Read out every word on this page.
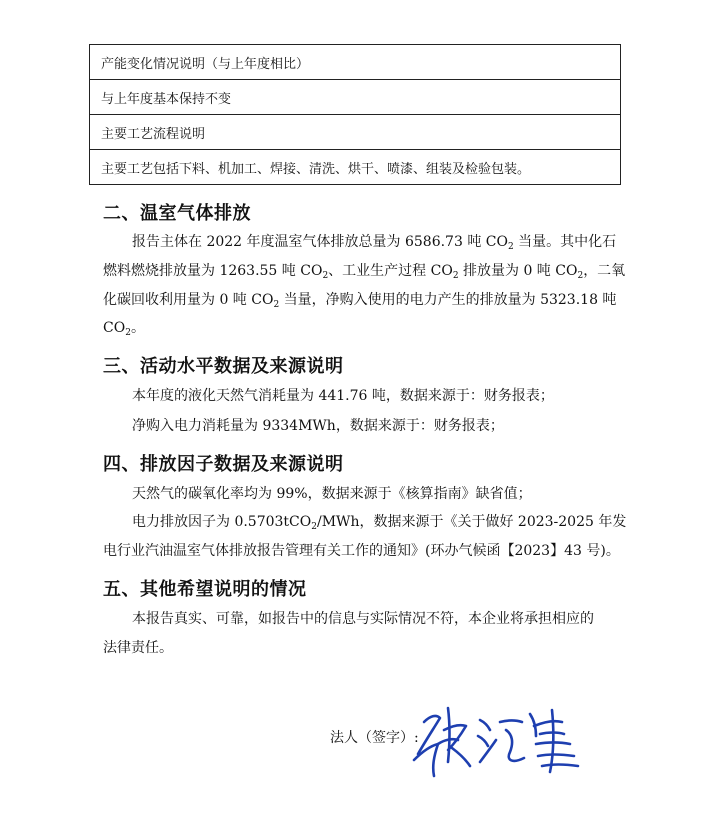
产能变化情况说明（与上年度相比）
与上年度基本保持不变
主要工艺流程说明
主要工艺包括下料、机加工、焊接、清洗、烘干、喷漆、组装及检验包装。
二、温室气体排放
报告主体在 2022 年度温室气体排放总量为 6586.73 吨 $CO_2$ 当量。其中化石
燃料燃烧排放量为 1263.55 吨 $CO_2$、工业生产过程 $CO_2$ 排放量为 0 吨 $CO_2$，二氧
化碳回收利用量为 0 吨 $CO_2$ 当量，净购入使用的电力产生的排放量为 5323.18 吨
$CO_2$。
三、活动水平数据及来源说明
本年度的液化天然气消耗量为 441.76 吨，数据来源于：财务报表；
净购入电力消耗量为 9334MWh，数据来源于：财务报表；
四、排放因子数据及来源说明
天然气的碳氧化率均为 99%，数据来源于《核算指南》缺省值；
电力排放因子为 0.5703tCO$_2$/MWh，数据来源于《关于做好 2023-2025 年发
电行业汽油温室气体排放报告管理有关工作的通知》(环办气候函【2023】43 号)。
五、其他希望说明的情况
本报告真实、可靠，如报告中的信息与实际情况不符，本企业将承担相应的
法律责任。
法人（签字）:
